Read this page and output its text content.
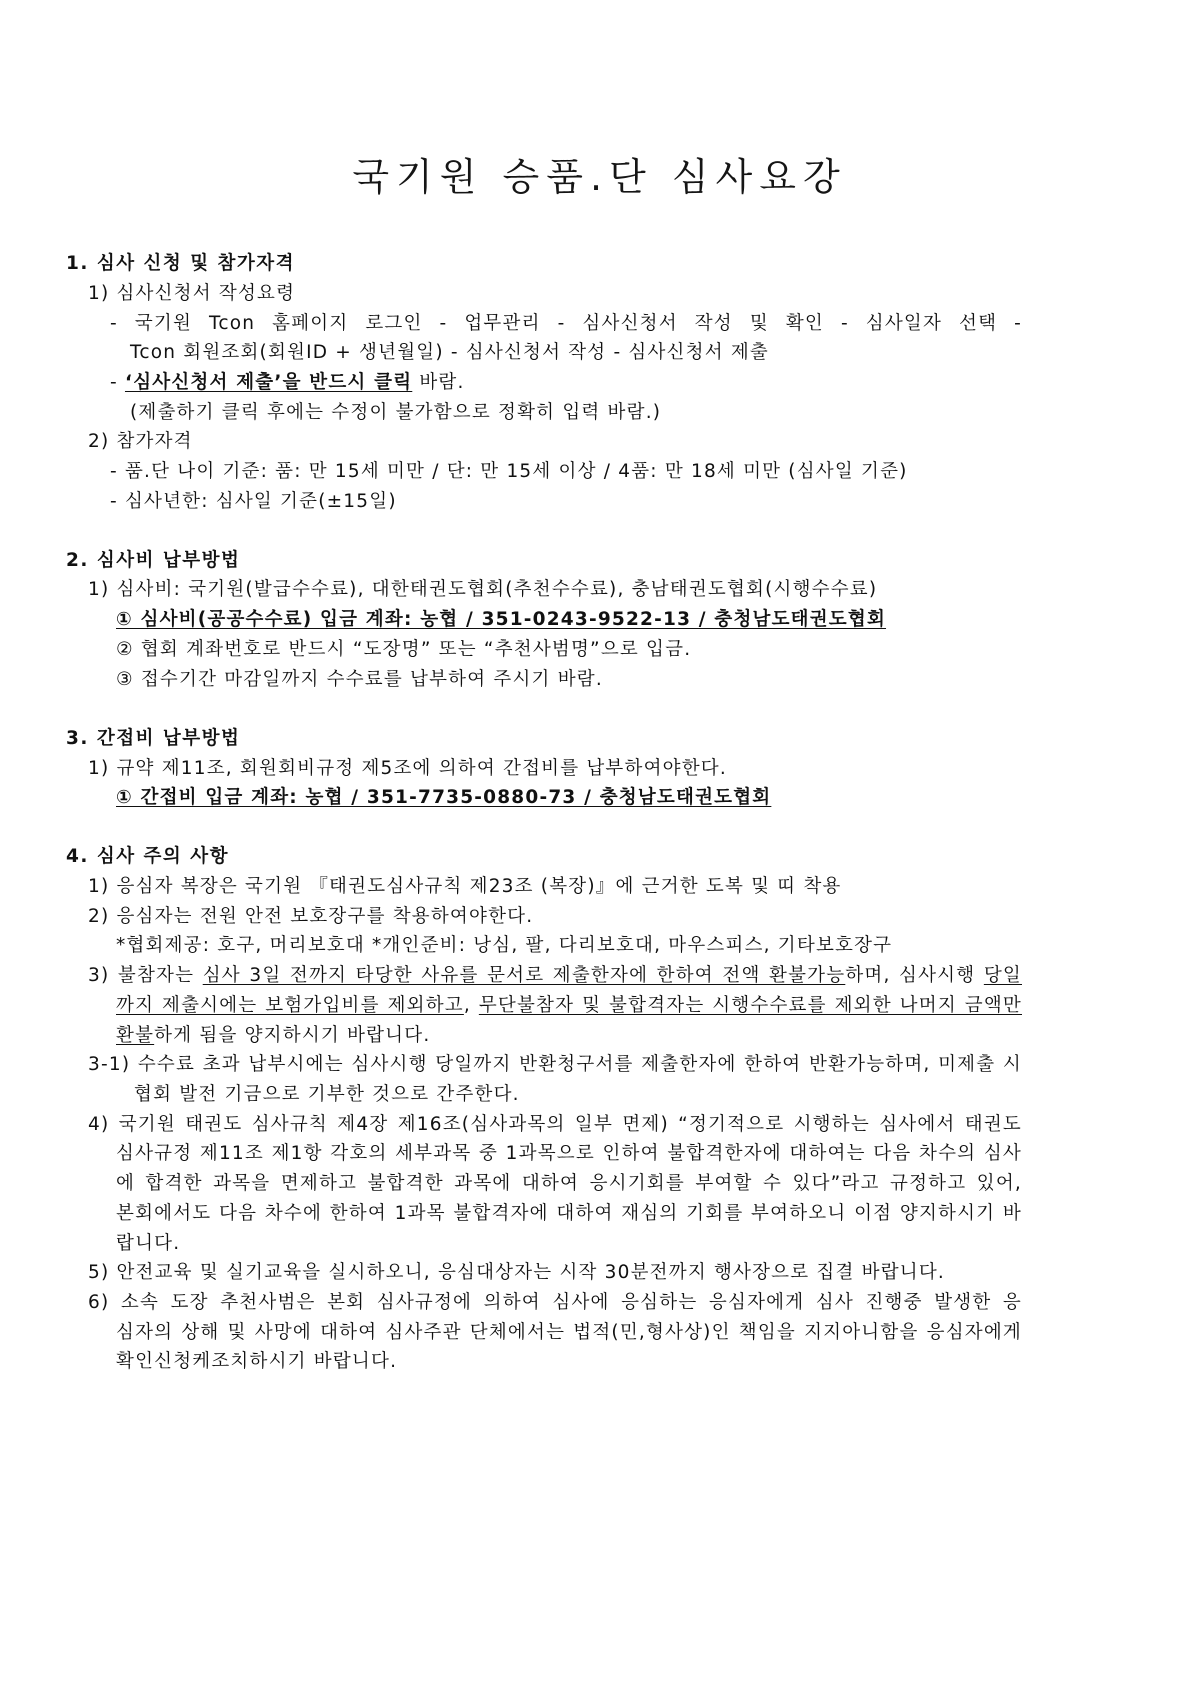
국기원 승품.단 심사요강
1. 심사 신청 및 참가자격
1) 심사신청서 작성요령
- 국기원 Tcon 홈페이지 로그인 - 업무관리 - 심사신청서 작성 및 확인 - 심사일자 선택 -
Tcon 회원조회(회원ID + 생년월일) - 심사신청서 작성 - 심사신청서 제출
- ‘심사신청서 제출’을 반드시 클릭 바람.
(제출하기 클릭 후에는 수정이 불가함으로 정확히 입력 바람.)
2) 참가자격
- 품.단 나이 기준: 품: 만 15세 미만 / 단: 만 15세 이상 / 4품: 만 18세 미만 (심사일 기준)
- 심사년한: 심사일 기준(±15일)
2. 심사비 납부방법
1) 심사비: 국기원(발급수수료), 대한태권도협회(추천수수료), 충남태권도협회(시행수수료)
① 심사비(공공수수료) 입금 계좌: 농협 / 351-0243-9522-13 / 충청남도태권도협회
② 협회 계좌번호로 반드시 “도장명” 또는 “추천사범명”으로 입금.
③ 접수기간 마감일까지 수수료를 납부하여 주시기 바람.
3. 간접비 납부방법
1) 규약 제11조, 회원회비규정 제5조에 의하여 간접비를 납부하여야한다.
① 간접비 입금 계좌: 농협 / 351-7735-0880-73 / 충청남도태권도협회
4. 심사 주의 사항
1) 응심자 복장은 국기원 『태권도심사규칙 제23조 (복장)』에 근거한 도복 및 띠 착용
2) 응심자는 전원 안전 보호장구를 착용하여야한다.
*협회제공: 호구, 머리보호대 *개인준비: 낭심, 팔, 다리보호대, 마우스피스, 기타보호장구
3) 불참자는 심사 3일 전까지 타당한 사유를 문서로 제출한자에 한하여 전액 환불가능하며, 심사시행 당일
까지 제출시에는 보험가입비를 제외하고, 무단불참자 및 불합격자는 시행수수료를 제외한 나머지 금액만
환불하게 됨을 양지하시기 바랍니다.
3-1) 수수료 초과 납부시에는 심사시행 당일까지 반환청구서를 제출한자에 한하여 반환가능하며, 미제출 시
협회 발전 기금으로 기부한 것으로 간주한다.
4) 국기원 태권도 심사규칙 제4장 제16조(심사과목의 일부 면제) “정기적으로 시행하는 심사에서 태권도
심사규정 제11조 제1항 각호의 세부과목 중 1과목으로 인하여 불합격한자에 대하여는 다음 차수의 심사
에 합격한 과목을 면제하고 불합격한 과목에 대하여 응시기회를 부여할 수 있다”라고 규정하고 있어,
본회에서도 다음 차수에 한하여 1과목 불합격자에 대하여 재심의 기회를 부여하오니 이점 양지하시기 바
랍니다.
5) 안전교육 및 실기교육을 실시하오니, 응심대상자는 시작 30분전까지 행사장으로 집결 바랍니다.
6) 소속 도장 추천사범은 본회 심사규정에 의하여 심사에 응심하는 응심자에게 심사 진행중 발생한 응
심자의 상해 및 사망에 대하여 심사주관 단체에서는 법적(민,형사상)인 책임을 지지아니함을 응심자에게
확인신청케조치하시기 바랍니다.
